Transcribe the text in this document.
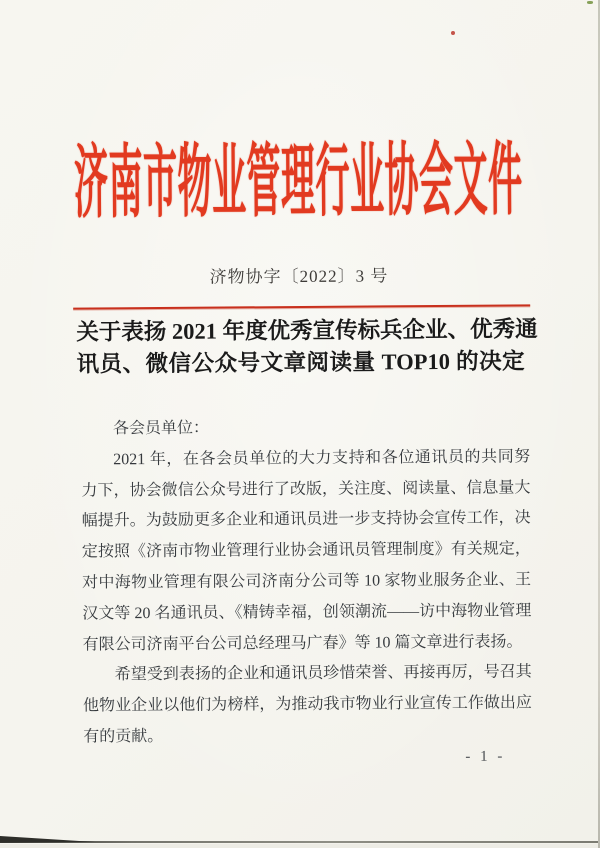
济南市物业管理行业协会文件
济物协字〔2022〕3 号
关于表扬 2021 年度优秀宣传标兵企业、优秀通
讯员、微信公众号文章阅读量 TOP10 的决定

各会员单位：

2021 年，在各会员单位的大力支持和各位通讯员的共同努力下，协会微信公众号进行了改版，关注度、阅读量、信息量大幅提升。为鼓励更多企业和通讯员进一步支持协会宣传工作，决定按照《济南市物业管理行业协会通讯员管理制度》有关规定，对中海物业管理有限公司济南分公司等 10 家物业服务企业、王汉文等 20 名通讯员、《精铸幸福，创领潮流——访中海物业管理有限公司济南平台公司总经理马广春》等 10 篇文章进行表扬。

希望受到表扬的企业和通讯员珍惜荣誉、再接再厉，号召其他物业企业以他们为榜样，为推动我市物业行业宣传工作做出应有的贡献。

- 1 -
